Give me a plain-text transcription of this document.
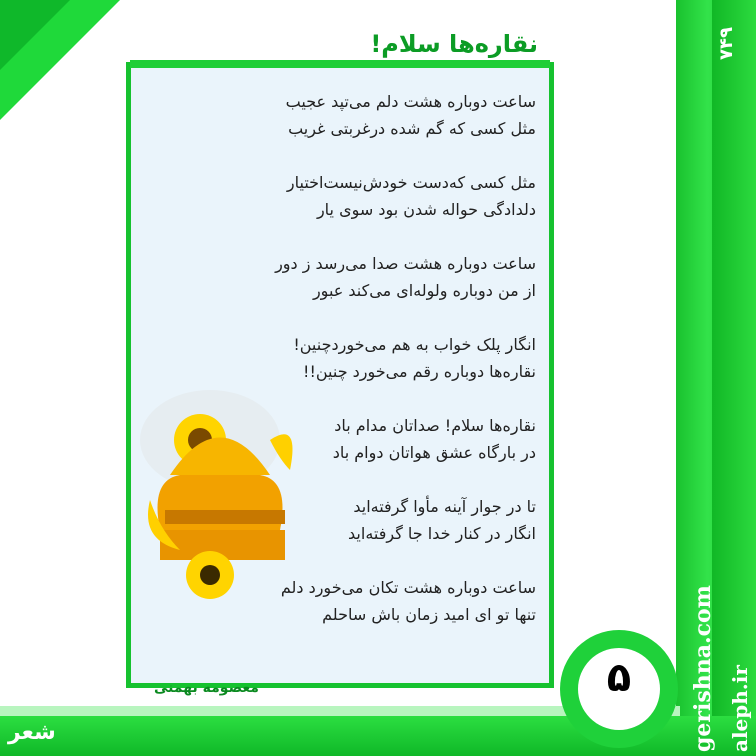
نقاره‌ها سلام!
ساعت دوباره هشت دلم می‌تپد عجیب
مثل کسی که گم شده درغربتی غریب
مثل کسی که‌دست خودش‌نیست‌اختیار
دلدادگی حواله شدن بود سوی یار
ساعت دوباره هشت صدا می‌رسد ز دور
از من دوباره ولوله‌ای می‌کند عبور
انگار پلک خواب به هم می‌خوردچنین!
نقاره‌ها دوباره رقم می‌خورد چنین!!
نقاره‌ها سلام! صداتان مدام باد
در بارگاه عشق هواتان دوام باد
تا در جوار آینه مأوا گرفته‌اید
انگار در کنار خدا جا گرفته‌اید
ساعت دوباره هشت تکان می‌خورد دلم
تنها تو ای امید زمان باش ساحلم
معصومه بهمنی
شعر
۵
۷۴۹
gerishna.com aleph.ir
